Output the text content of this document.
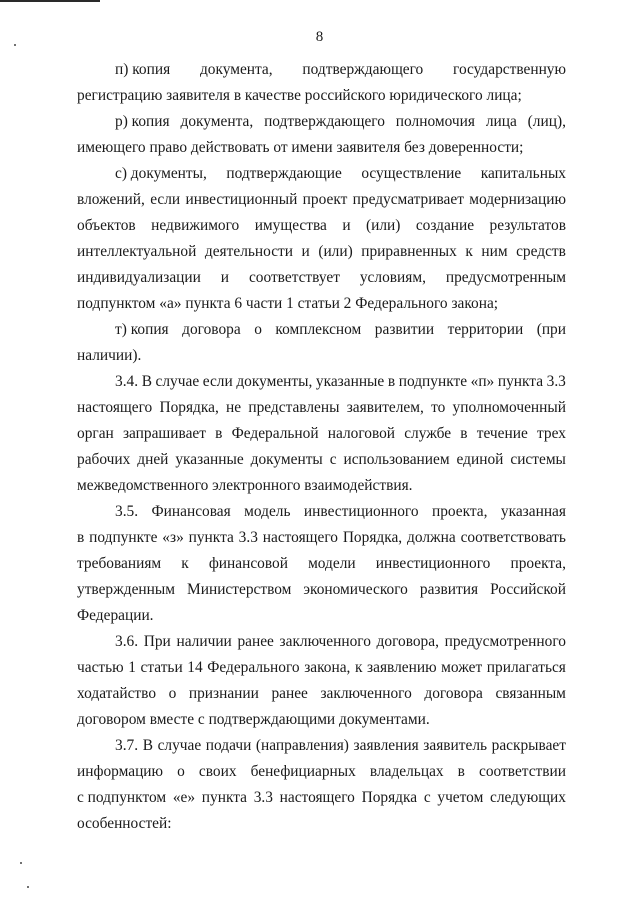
8
п) копия документа, подтверждающего государственную
регистрацию заявителя в качестве российского юридического лица;
р) копия документа, подтверждающего полномочия лица (лиц),
имеющего право действовать от имени заявителя без доверенности;
с) документы, подтверждающие осуществление капитальных
вложений, если инвестиционный проект предусматривает модернизацию
объектов недвижимого имущества и (или) создание результатов
интеллектуальной деятельности и (или) приравненных к ним средств
индивидуализации и соответствует условиям, предусмотренным
подпунктом «а» пункта 6 части 1 статьи 2 Федерального закона;
т) копия договора о комплексном развитии территории (при
наличии).
3.4. В случае если документы, указанные в подпункте «п» пункта 3.3
настоящего Порядка, не представлены заявителем, то уполномоченный
орган запрашивает в Федеральной налоговой службе в течение трех
рабочих дней указанные документы с использованием единой системы
межведомственного электронного взаимодействия.
3.5. Финансовая модель инвестиционного проекта, указанная
в подпункте «з» пункта 3.3 настоящего Порядка, должна соответствовать
требованиям к финансовой модели инвестиционного проекта,
утвержденным Министерством экономического развития Российской
Федерации.
3.6. При наличии ранее заключенного договора, предусмотренного
частью 1 статьи 14 Федерального закона, к заявлению может прилагаться
ходатайство о признании ранее заключенного договора связанным
договором вместе с подтверждающими документами.
3.7. В случае подачи (направления) заявления заявитель раскрывает
информацию о своих бенефициарных владельцах в соответствии
с подпунктом «е» пункта 3.3 настоящего Порядка с учетом следующих
особенностей:
